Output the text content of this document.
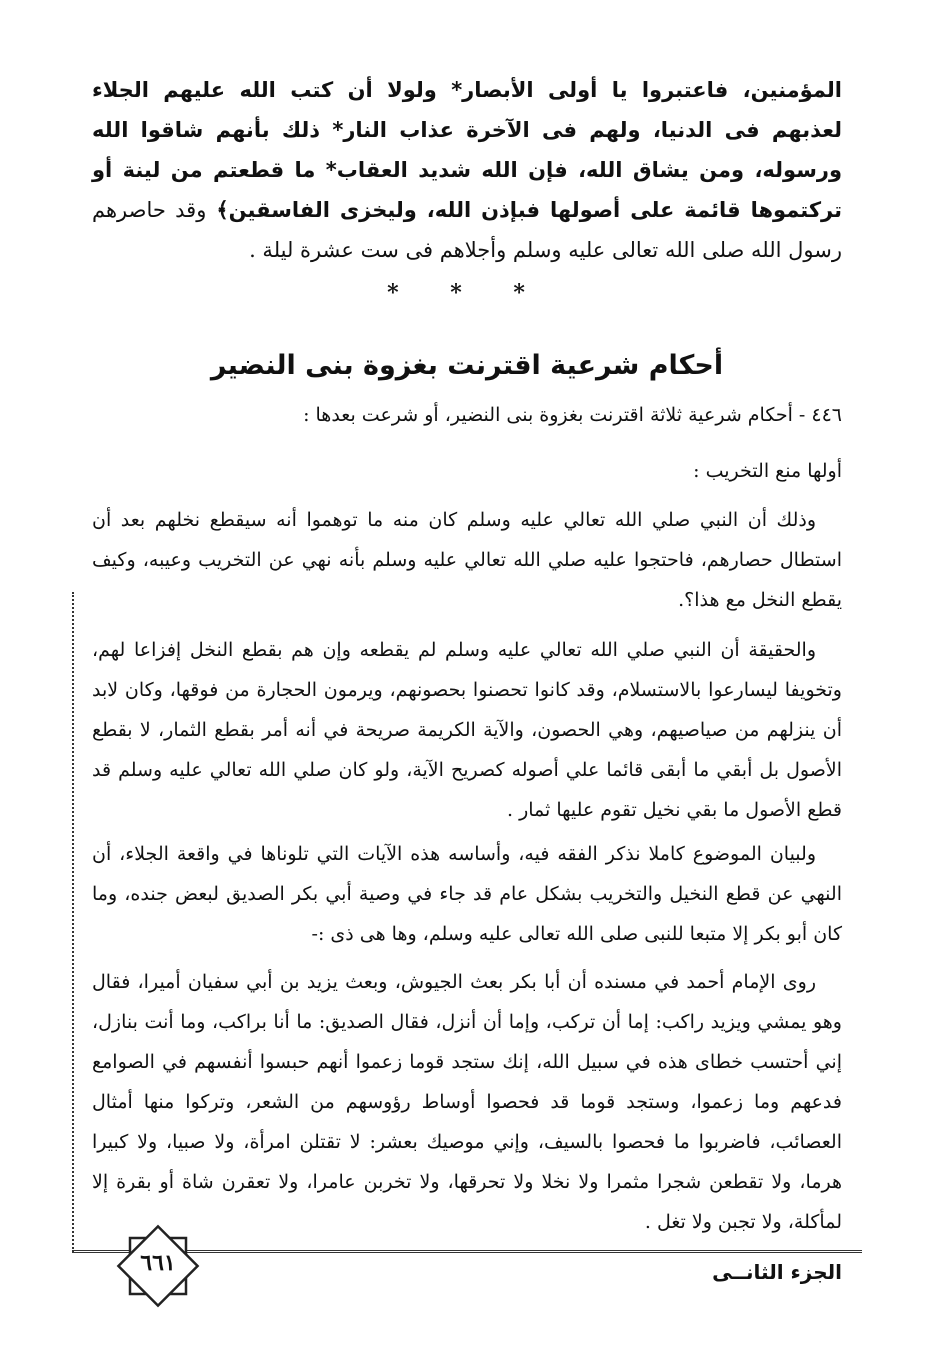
المؤمنين، فاعتبروا يا أولى الأبصار* ولولا أن كتب الله عليهم الجلاء لعذبهم فى الدنيا، ولهم فى الآخرة عذاب النار* ذلك بأنهم شاقوا الله ورسوله، ومن يشاق الله، فإن الله شديد العقاب* ما قطعتم من لينة أو تركتموها قائمة على أصولها فبإذن الله، وليخزى الفاسقين﴾ وقد حاصرهم رسول الله صلى الله تعالى عليه وسلم وأجلاهم فى ست عشرة ليلة .
* * *
أحكام شرعية اقترنت بغزوة بنى النضير
٤٤٦ - أحكام شرعية ثلاثة اقترنت بغزوة بنى النضير، أو شرعت بعدها :
أولها منع التخريب :
وذلك أن النبي صلي الله تعالي عليه وسلم كان منه ما توهموا أنه سيقطع نخلهم بعد أن استطال حصارهم، فاحتجوا عليه صلي الله تعالي عليه وسلم بأنه نهي عن التخريب وعيبه، وكيف يقطع النخل مع هذا؟.
والحقيقة أن النبي صلي الله تعالي عليه وسلم لم يقطعه وإن هم بقطع النخل إفزاعا لهم، وتخويفا ليسارعوا بالاستسلام، وقد كانوا تحصنوا بحصونهم، ويرمون الحجارة من فوقها، وكان لابد أن ينزلهم من صياصيهم، وهي الحصون، والآية الكريمة صريحة في أنه أمر بقطع الثمار، لا بقطع الأصول بل أبقي ما أبقى قائما علي أصوله كصريح الآية، ولو كان صلي الله تعالي عليه وسلم قد قطع الأصول ما بقي نخيل تقوم عليها ثمار .
ولبيان الموضوع كاملا نذكر الفقه فيه، وأساسه هذه الآيات التي تلوناها في واقعة الجلاء، أن النهي عن قطع النخيل والتخريب بشكل عام قد جاء في وصية أبي بكر الصديق لبعض جنده، وما كان أبو بكر إلا متبعا للنبى صلى الله تعالى عليه وسلم، وها هى ذى :-
روى الإمام أحمد في مسنده أن أبا بكر بعث الجيوش، وبعث يزيد بن أبي سفيان أميرا، فقال وهو يمشي ويزيد راكب: إما أن تركب، وإما أن أنزل، فقال الصديق: ما أنا براكب، وما أنت بنازل، إني أحتسب خطاى هذه في سبيل الله، إنك ستجد قوما زعموا أنهم حبسوا أنفسهم في الصوامع فدعهم وما زعموا، وستجد قوما قد فحصوا أوساط رؤوسهم من الشعر، وتركوا منها أمثال العصائب، فاضربوا ما فحصوا بالسيف، وإني موصيك بعشر: لا تقتلن امرأة، ولا صبيا، ولا كبيرا هرما، ولا تقطعن شجرا مثمرا ولا نخلا ولا تحرقها، ولا تخربن عامرا، ولا تعقرن شاة أو بقرة إلا لمأكلة، ولا تجبن ولا تغل .
الجزء الثانــى
٦٦١
